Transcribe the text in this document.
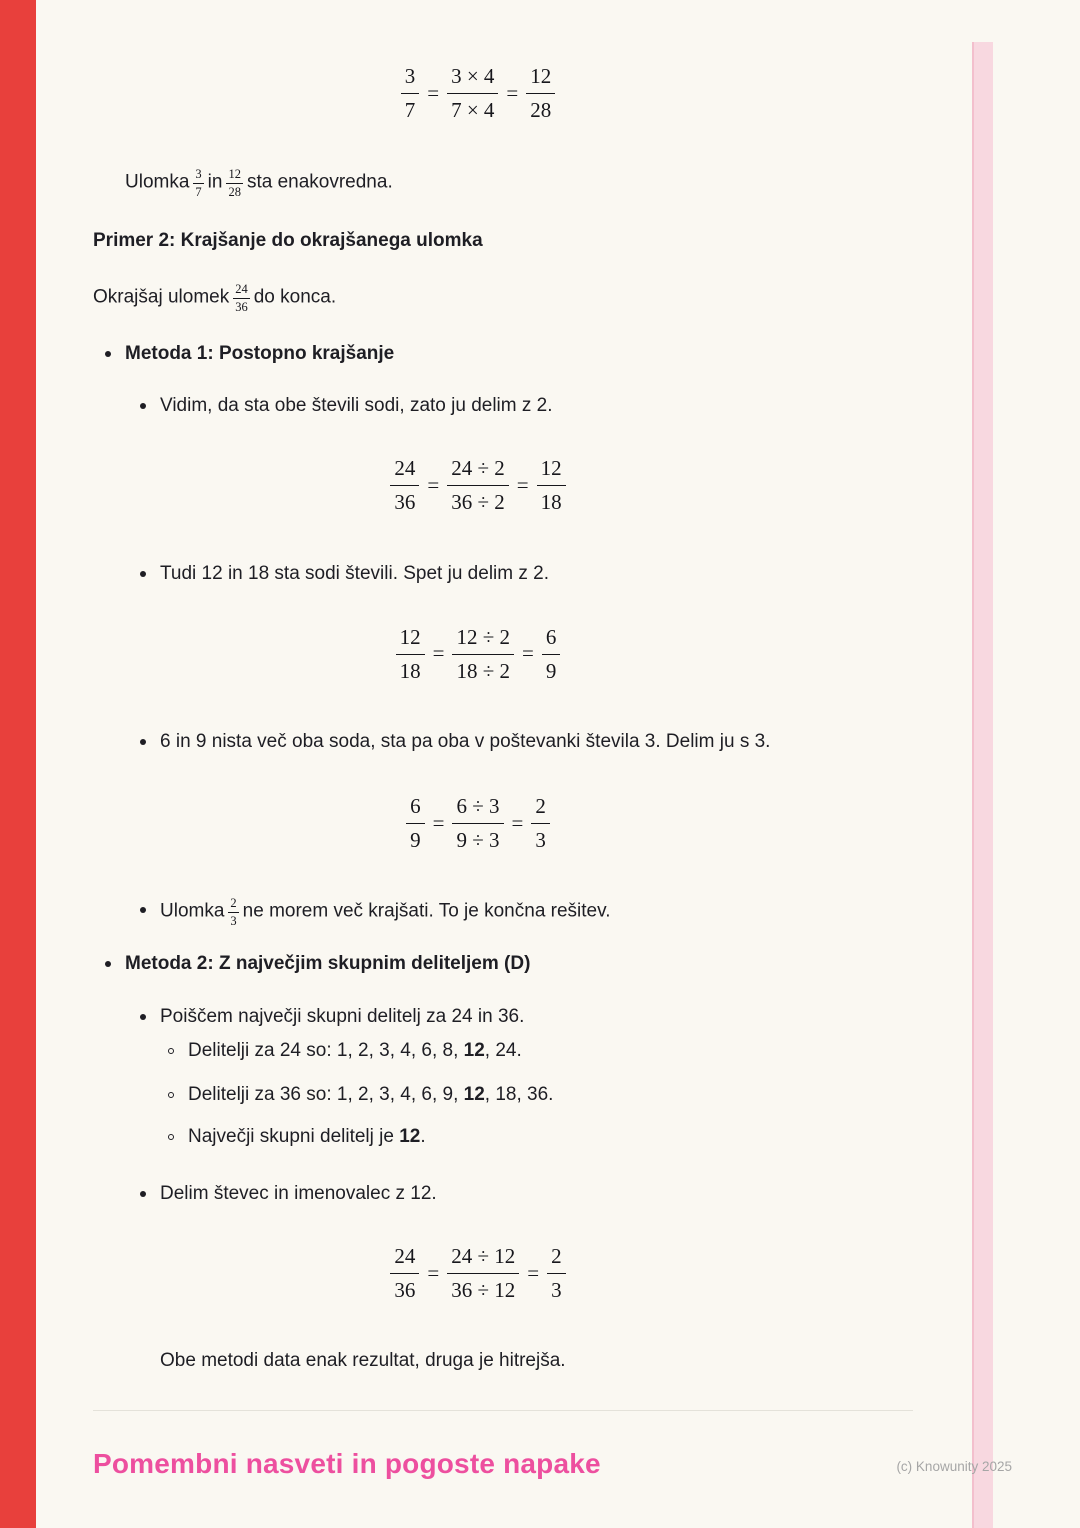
$\frac{3}{7} = \frac{3 \times 4}{7 \times 4} = \frac{12}{28}$

Ulomka $\frac{3}{7}$ in $\frac{12}{28}$ sta enakovredna.

Primer 2: Krajšanje do okrajšanega ulomka

Okrajšaj ulomek $\frac{24}{36}$ do konca.

Metoda 1: Postopno krajšanje
Vidim, da sta obe števili sodi, zato ju delim z 2.
$\frac{24}{36} = \frac{24 \div 2}{36 \div 2} = \frac{12}{18}$
Tudi 12 in 18 sta sodi števili. Spet ju delim z 2.
$\frac{12}{18} = \frac{12 \div 2}{18 \div 2} = \frac{6}{9}$
6 in 9 nista več oba soda, sta pa oba v poštevanki števila 3. Delim ju s 3.
$\frac{6}{9} = \frac{6 \div 3}{9 \div 3} = \frac{2}{3}$
Ulomka $\frac{2}{3}$ ne morem več krajšati. To je končna rešitev.
Metoda 2: Z največjim skupnim deliteljem (D)
Poiščem največji skupni delitelj za 24 in 36.
Delitelji za 24 so: 1, 2, 3, 4, 6, 8, 12, 24.
Delitelji za 36 so: 1, 2, 3, 4, 6, 9, 12, 18, 36.
Največji skupni delitelj je 12.
Delim števec in imenovalec z 12.
$\frac{24}{36} = \frac{24 \div 12}{36 \div 12} = \frac{2}{3}$

Obe metodi data enak rezultat, druga je hitrejša.

Pomembni nasveti in pogoste napake	(c) Knowunity 2025
